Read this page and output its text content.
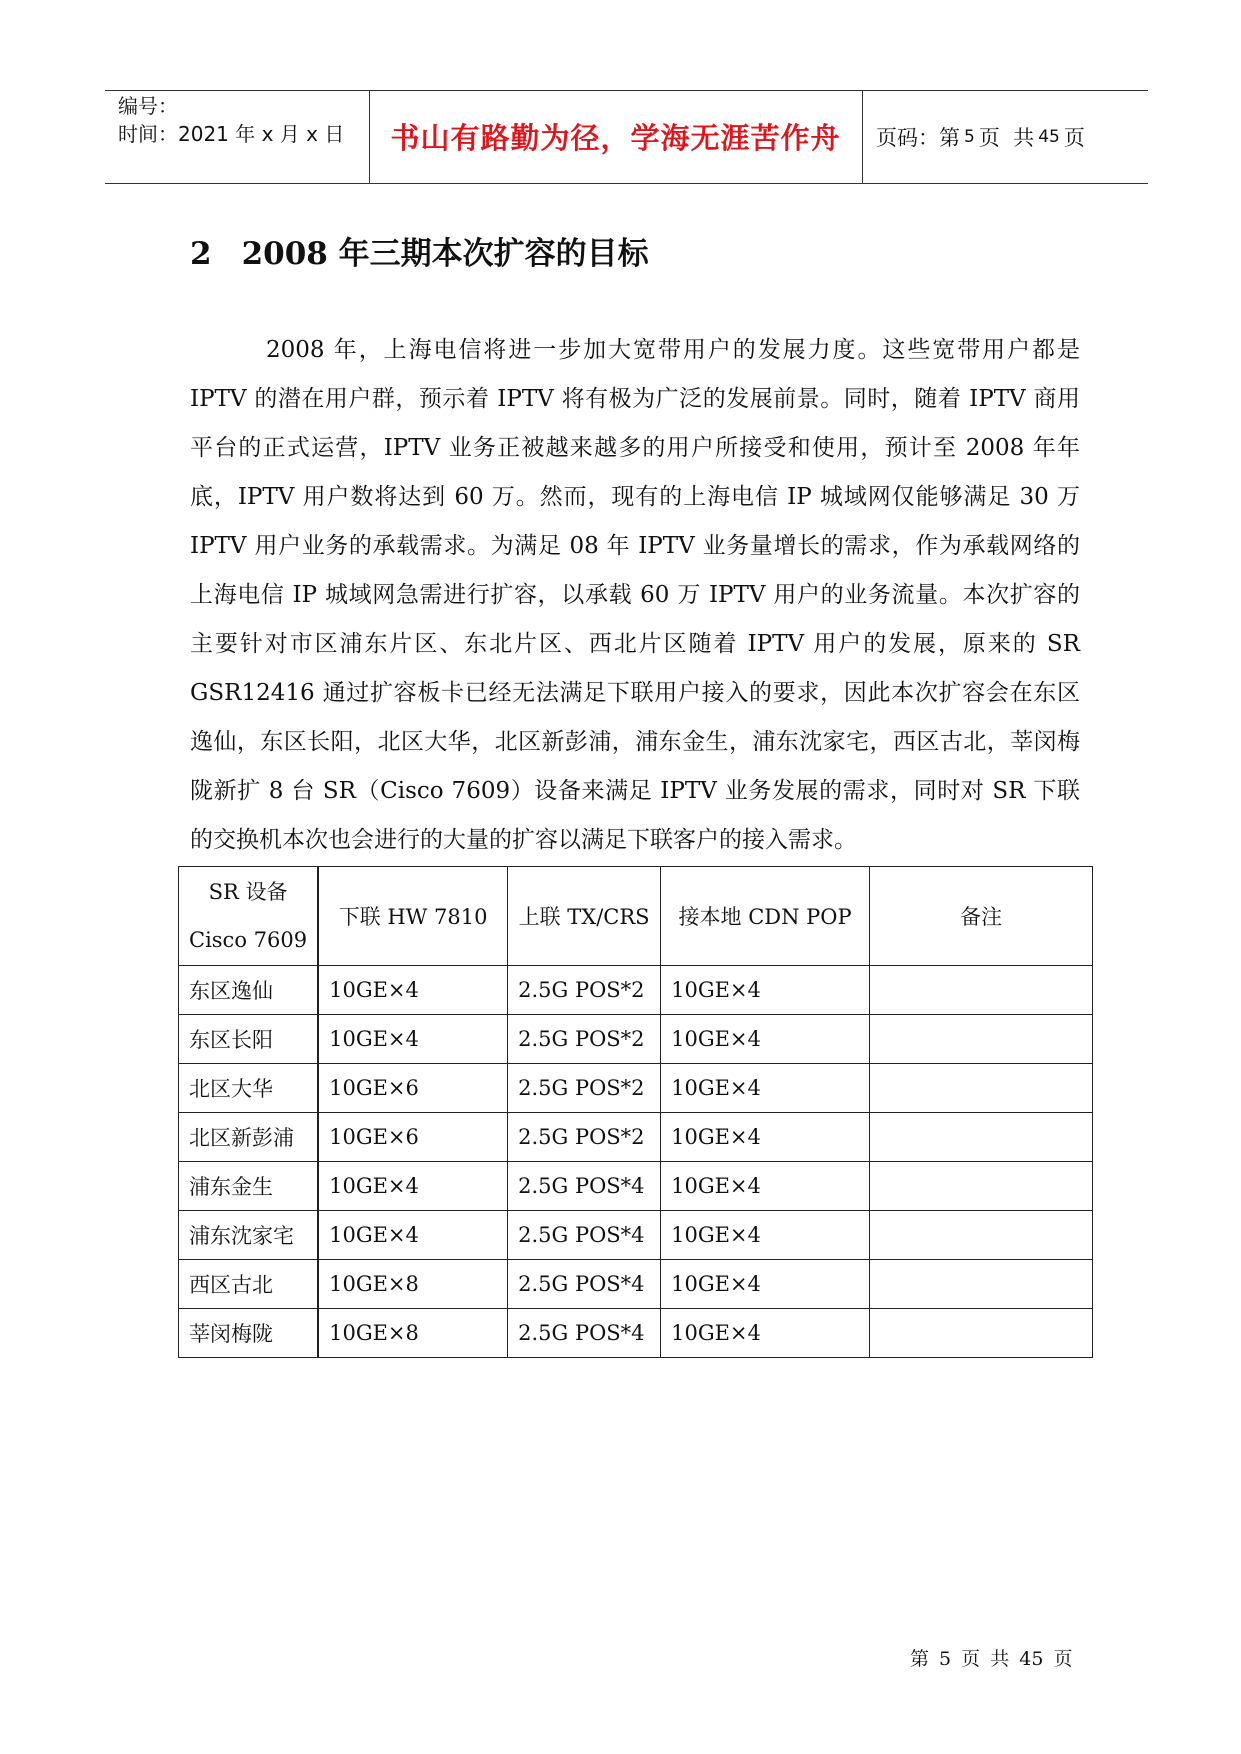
编号：
时间：2021 年 x 月 x 日	书山有路勤为径，学海无涯苦作舟	页码：第 5 页  共 45 页
2 2008 年三期本次扩容的目标
2008 年，上海电信将进一步加大宽带用户的发展力度。这些宽带用户都是 IPTV 的潜在用户群，预示着 IPTV 将有极为广泛的发展前景。同时，随着 IPTV 商用平台的正式运营，IPTV 业务正被越来越多的用户所接受和使用，预计至 2008 年年底，IPTV 用户数将达到 60 万。然而，现有的上海电信 IP 城域网仅能够满足 30 万 IPTV 用户业务的承载需求。为满足 08 年 IPTV 业务量增长的需求，作为承载网络的上海电信 IP 城域网急需进行扩容，以承载 60 万 IPTV 用户的业务流量。本次扩容的主要针对市区浦东片区、东北片区、西北片区随着 IPTV 用户的发展，原来的 SR GSR12416 通过扩容板卡已经无法满足下联用户接入的要求，因此本次扩容会在东区逸仙，东区长阳，北区大华，北区新彭浦，浦东金生，浦东沈家宅，西区古北，莘闵梅陇新扩 8 台 SR（Cisco 7609）设备来满足 IPTV 业务发展的需求，同时对 SR 下联的交换机本次也会进行的大量的扩容以满足下联客户的接入需求。
SR 设备
Cisco 7609	下联 HW 7810	上联 TX/CRS	接本地 CDN POP	备注
东区逸仙	10GE×4	2.5G POS*2	10GE×4	
东区长阳	10GE×4	2.5G POS*2	10GE×4	
北区大华	10GE×6	2.5G POS*2	10GE×4	
北区新彭浦	10GE×6	2.5G POS*2	10GE×4	
浦东金生	10GE×4	2.5G POS*4	10GE×4	
浦东沈家宅	10GE×4	2.5G POS*4	10GE×4	
西区古北	10GE×8	2.5G POS*4	10GE×4	
莘闵梅陇	10GE×8	2.5G POS*4	10GE×4	
第 5 页 共 45 页
